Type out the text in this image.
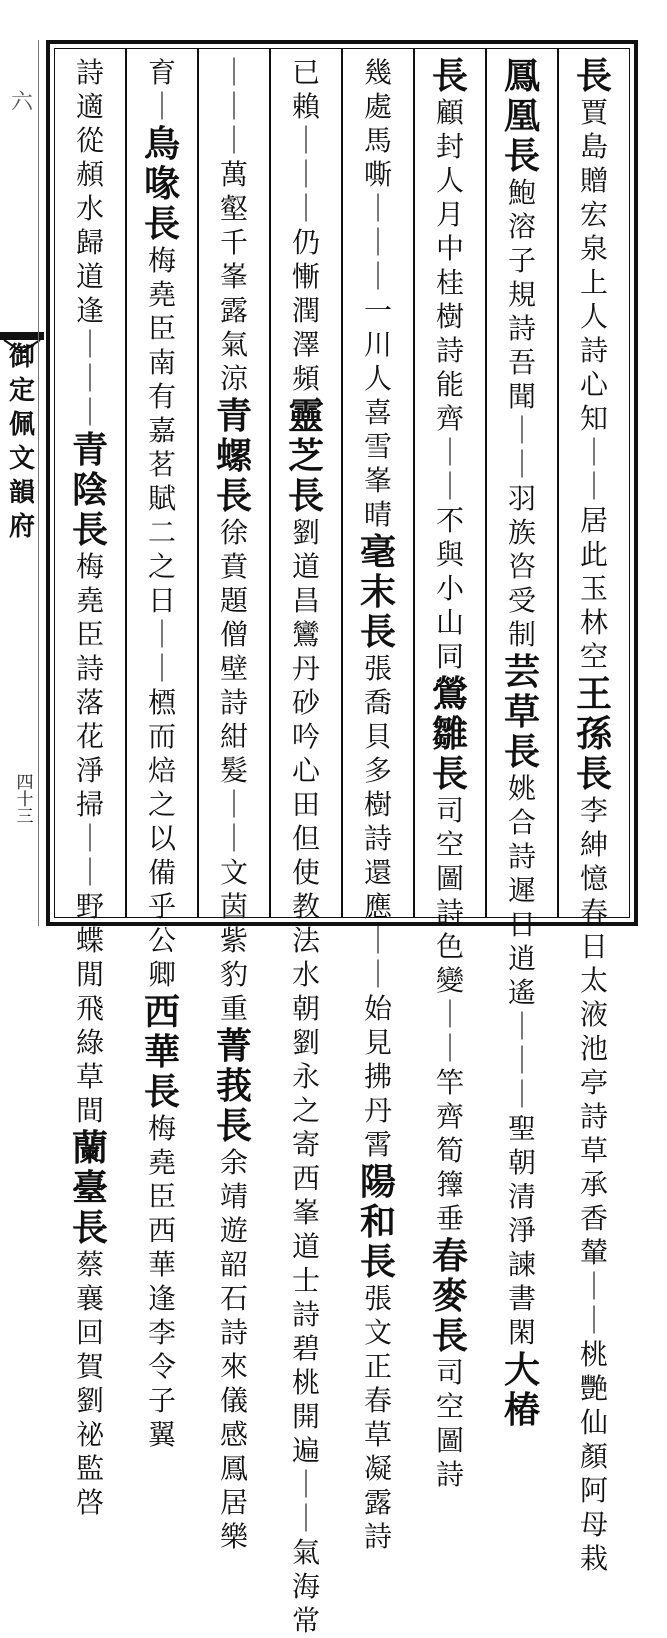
六

御
定
佩
文
韻
府
四
十
三
長
賈
島
贈
宏
泉
上
人
詩
心
知
｜
｜
居
此
玉
林
空
王
孫
長
李
紳
憶
春
日
太
液
池
亭
詩
草
承
香
輦
｜
｜
桃
艷
仙
顏
阿
母
栽
鳳
凰
長
鮑
溶
子
規
詩
吾
聞
｜
｜
羽
族
咨
受
制
芸
草
長
姚
合
詩
遲
日
逍
遙
｜
｜
｜
聖
朝
清
淨
諫
書
閑
大
椿
長
顧
封
人
月
中
桂
樹
詩
能
齊
｜
｜
不
與
小
山
同
鶯
雛
長
司
空
圖
詩
色
變
｜
｜
竿
齊
筍
籜
垂
春
麥
長
司
空
圖
詩
幾
處
馬
嘶
｜
｜
｜
一
川
人
喜
雪
峯
晴
毫
末
長
張
喬
貝
多
樹
詩
還
應
｜
｜
始
見
拂
丹
霄
陽
和
長
張
文
正
春
草
凝
露
詩
已
賴
｜
｜
｜
仍
慚
潤
澤
頻
靈
芝
長
劉
道
昌
鸞
丹
砂
吟
心
田
但
使
教
法
水
朝
劉
永
之
寄
西
峯
道
士
詩
碧
桃
開
遍
｜
｜
氣
海
常
｜
｜
｜
萬
壑
千
峯
露
氣
涼
青
螺
長
徐
賁
題
僧
壁
詩
紺
髮
｜
｜
文
茵
紫
豹
重
菁
莪
長
余
靖
遊
韶
石
詩
來
儀
感
鳳
居
樂
育
｜
鳥
喙
長
梅
堯
臣
南
有
嘉
茗
賦
二
之
日
｜
｜
槱
而
焙
之
以
備
乎
公
卿
西
華
長
梅
堯
臣
西
華
逢
李
令
子
翼
詩
適
從
頳
水
歸
道
逢
｜
｜
｜
青
陰
長
梅
堯
臣
詩
落
花
淨
掃
｜
｜
野
蝶
閒
飛
綠
草
間
蘭
臺
長
蔡
襄
回
賀
劉
祕
監
啓
